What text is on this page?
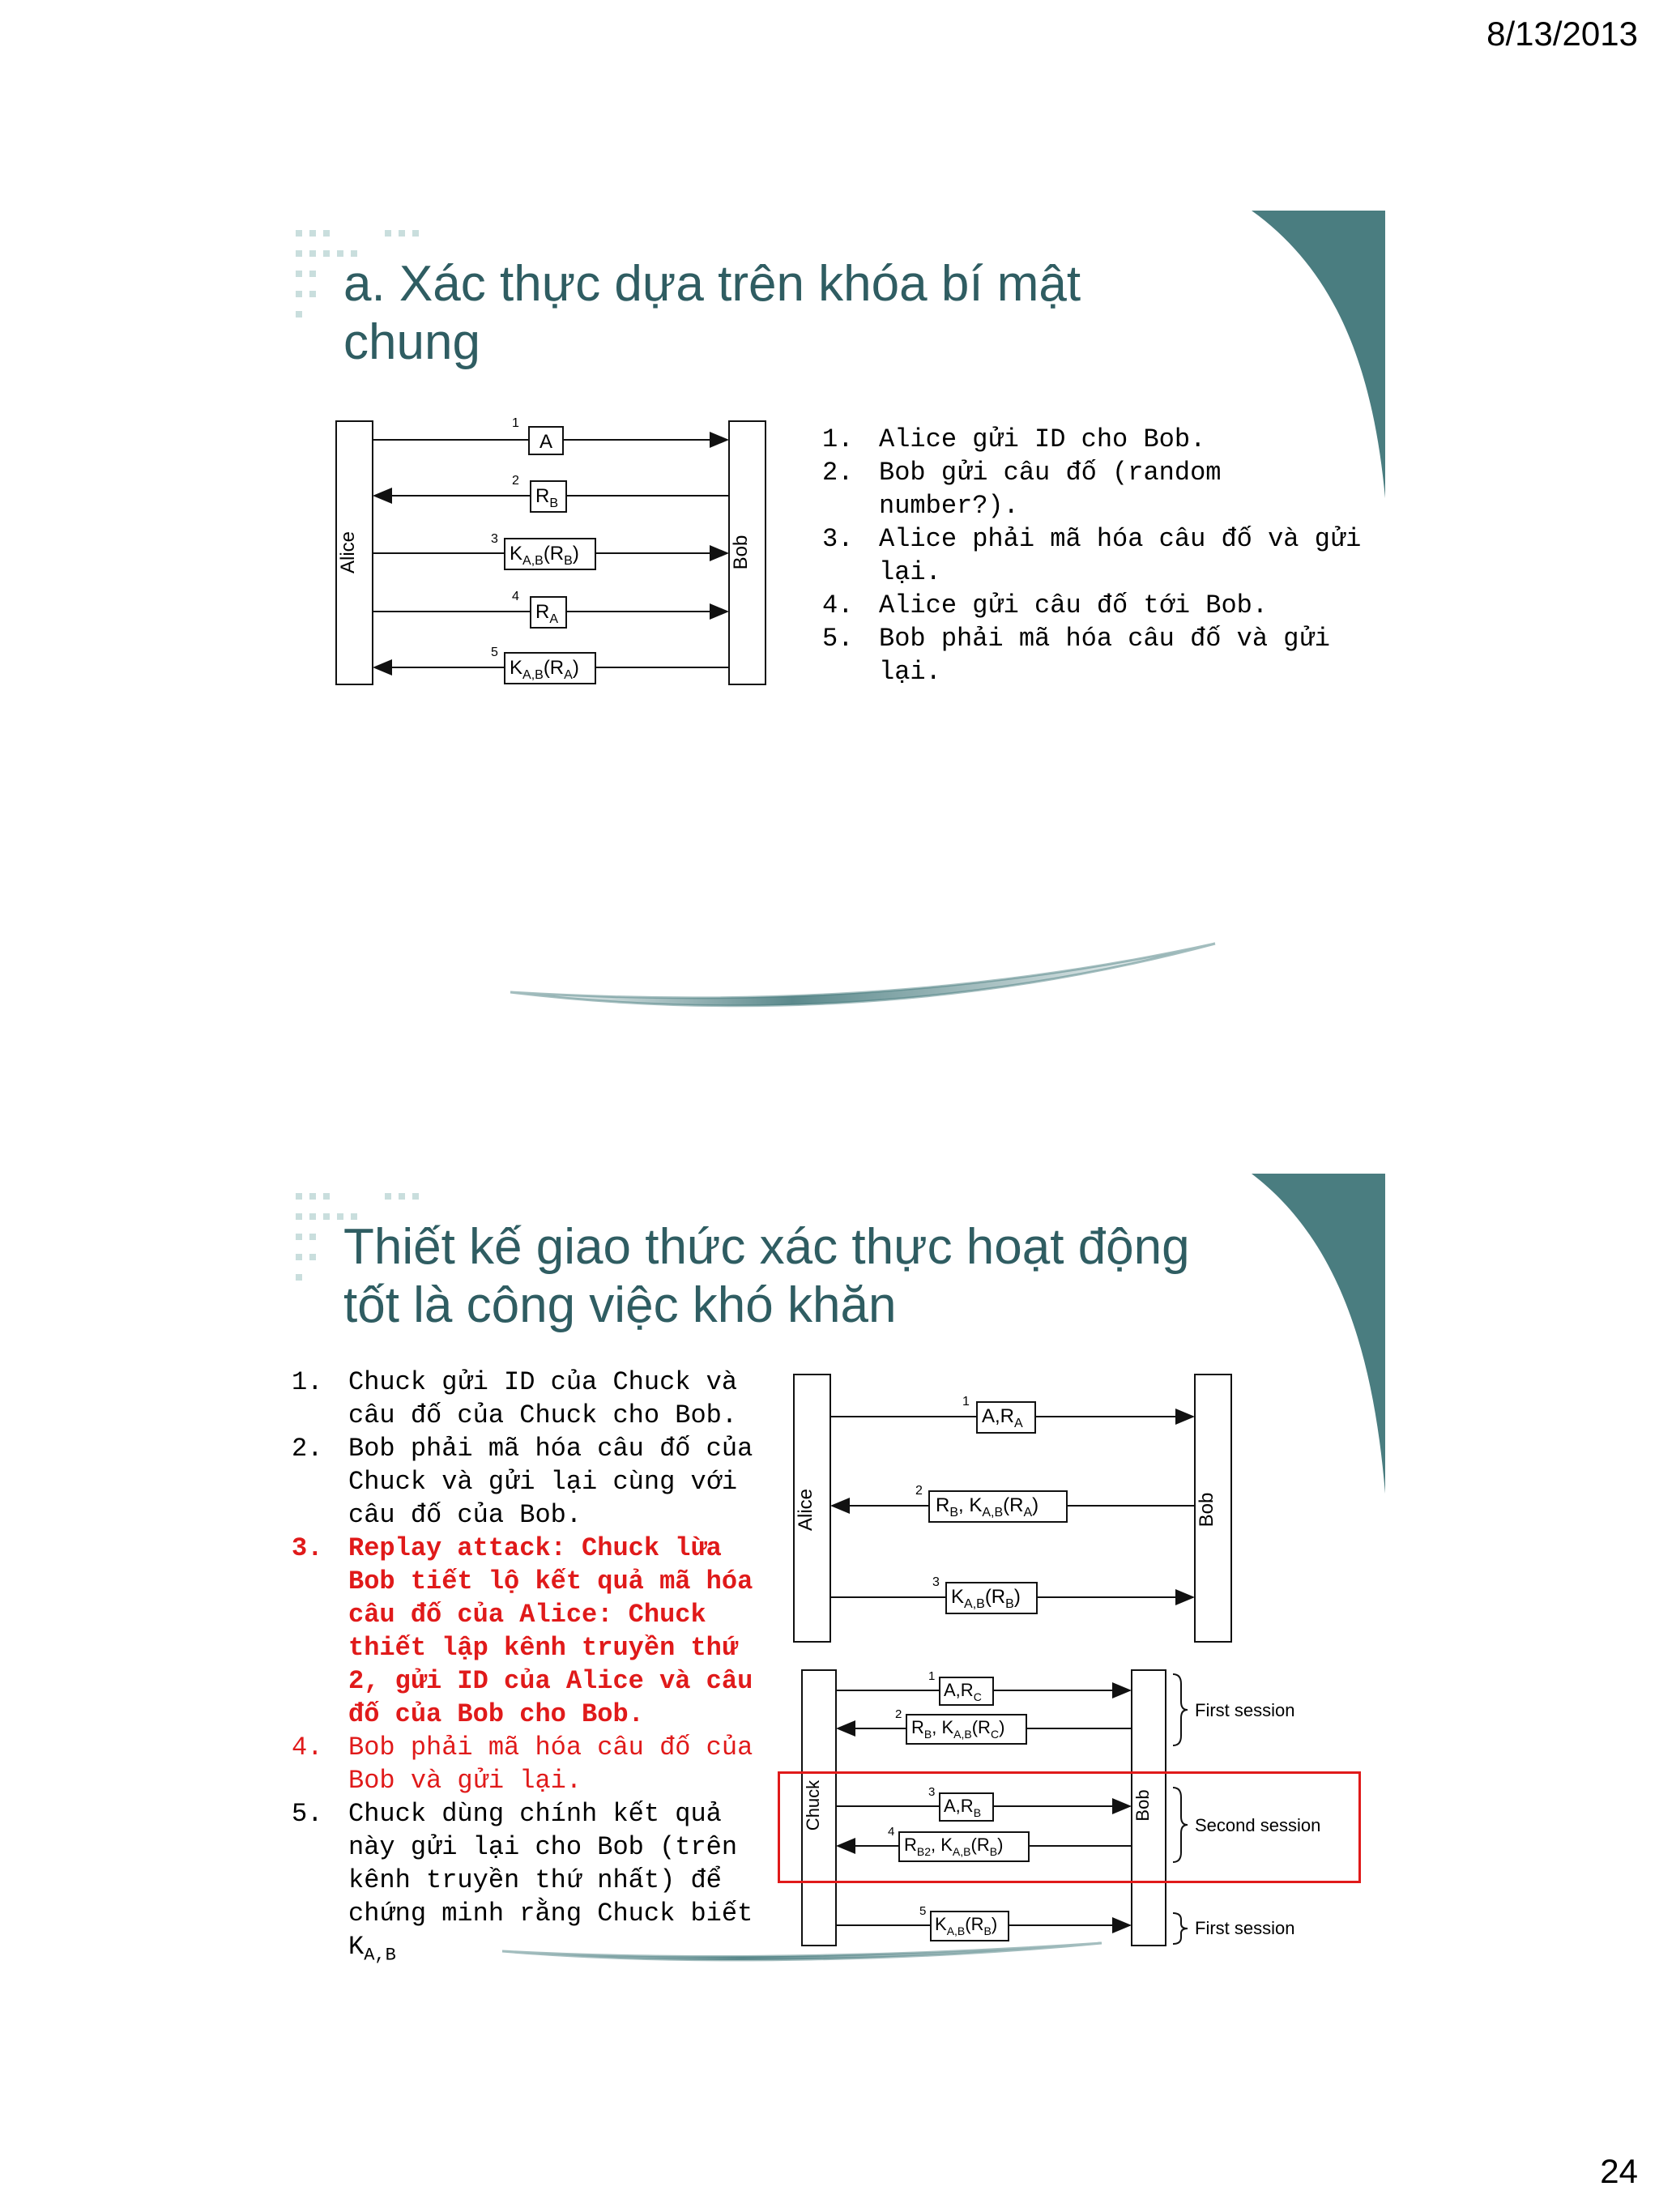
8/13/2013
24
a. Xác thực dựa trên khóa bí mật
chung
Alice	Bob
A
1
$R_B$
2
$K_{A,B}(R_B)$
3
$R_A$
4
$K_{A,B}(R_A)$
5
1. Alice gửi ID cho Bob.
2. Bob gửi câu đố (random number?).
3. Alice phải mã hóa câu đố và gửi lại.
4. Alice gửi câu đố tới Bob.
5. Bob phải mã hóa câu đố và gửi lại.
Thiết kế giao thức xác thực hoạt động
tốt là công việc khó khăn
1. Chuck gửi ID của Chuck và câu đố của Chuck cho Bob.
2. Bob phải mã hóa câu đố của Chuck và gửi lại cùng với câu đố của Bob.
3. Replay attack: Chuck lừa Bob tiết lộ kết quả mã hóa câu đố của Alice: Chuck thiết lập kênh truyền thứ 2, gửi ID của Alice và câu đố của Bob cho Bob.
4. Bob phải mã hóa câu đố của Bob và gửi lại.
5. Chuck dùng chính kết quả này gửi lại cho Bob (trên kênh truyền thứ nhất) để chứng minh rằng Chuck biết $K_{A,B}$
Alice	Bob
$A,R_A$
1
$R_B$, $K_{A,B}(R_A)$
2
$K_{A,B}(R_B)$
3
Chuck	Bob
$A,R_C$
1
$R_B$, $K_{A,B}(R_C)$
2
$A,R_B$
3
$R_{B2}$, $K_{A,B}(R_B)$
4
$K_{A,B}(R_B)$
5
First session
Second session
First session
